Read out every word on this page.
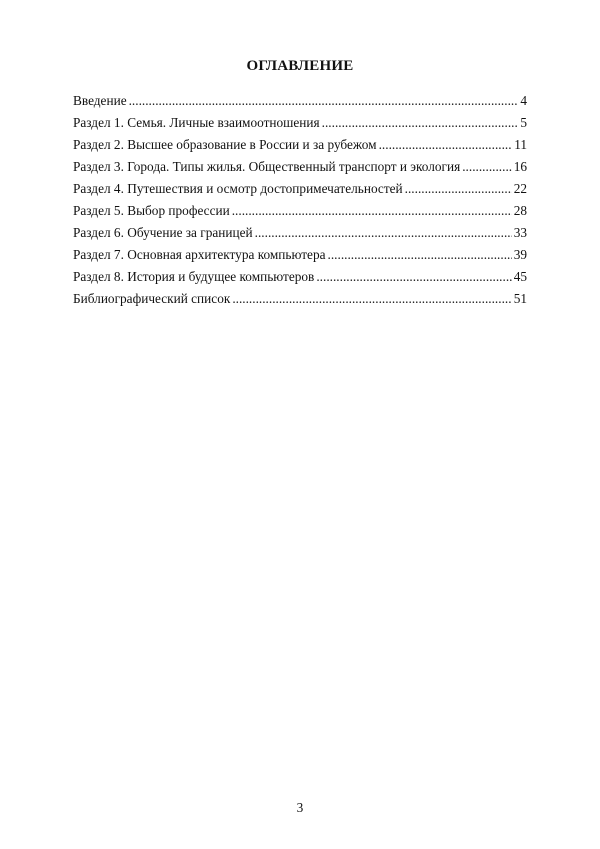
ОГЛАВЛЕНИЕ
Введение .....	4
Раздел 1. Семья. Личные взаимоотношения .....	5
Раздел 2. Высшее образование в России и за рубежом .....	11
Раздел 3. Города. Типы жилья. Общественный транспорт и экология .....	16
Раздел 4. Путешествия и осмотр достопримечательностей .....	22
Раздел 5. Выбор профессии .....	28
Раздел 6. Обучение за границей .....	33
Раздел 7. Основная архитектура компьютера .....	39
Раздел 8. История и будущее компьютеров .....	45
Библиографический список .....	51
3
